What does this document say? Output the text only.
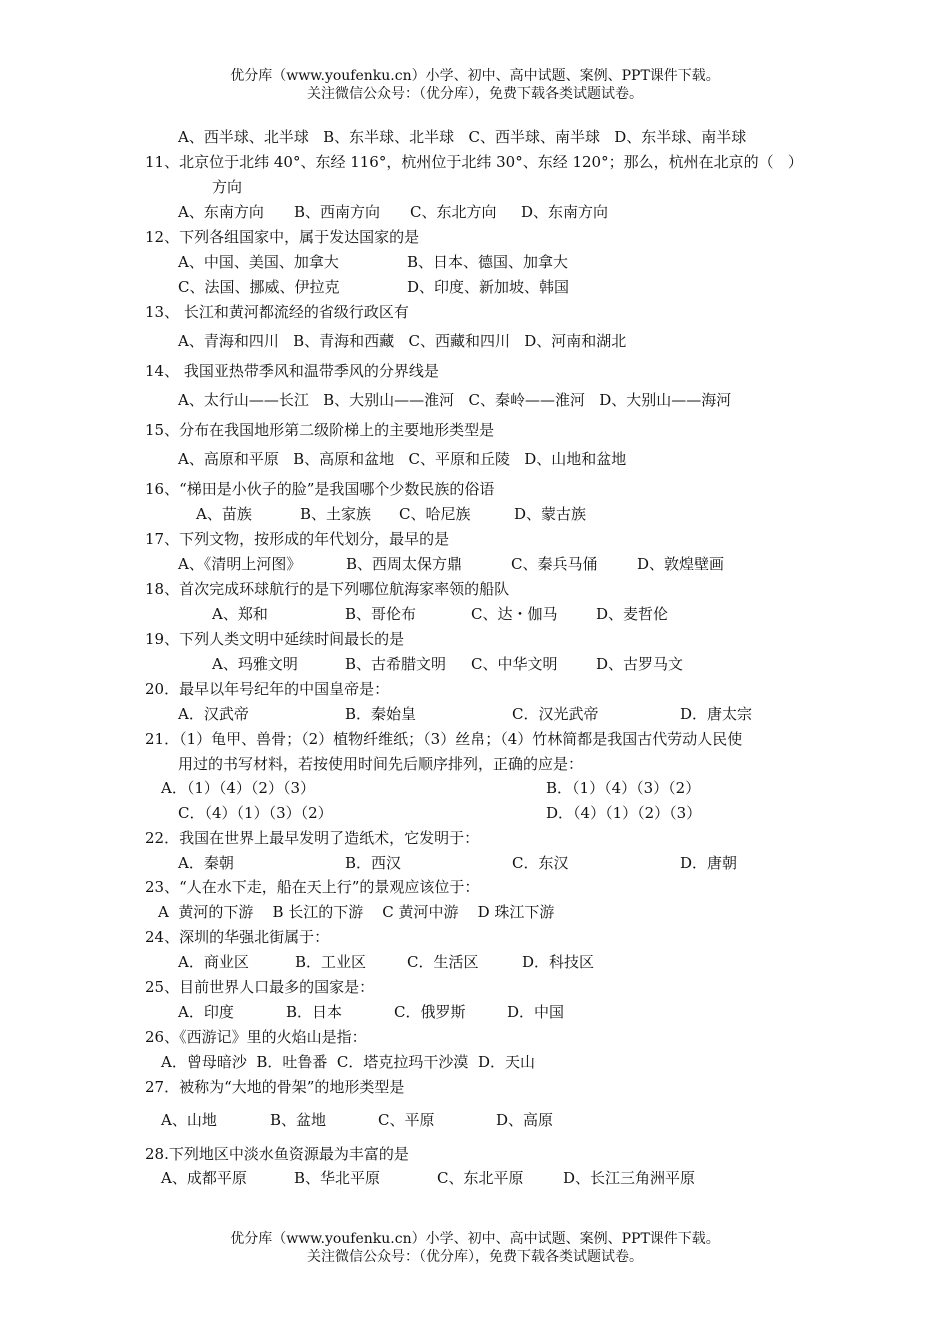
优分库（www.youfenku.cn）小学、初中、高中试题、案例、PPT课件下载。
关注微信公众号：（优分库），免费下载各类试题试卷。
A、西半球、北半球   B、东半球、北半球   C、西半球、南半球   D、东半球、南半球
11、北京位于北纬 40°、东经 116°，杭州位于北纬 30°、东经 120°；那么，杭州在北京的（   ）
方向

A、东南方向

B、西南方向

C、东北方向

D、东南方向

12、下列各组国家中，属于发达国家的是

A、中国、美国、加拿大

	B、日本、德国、加拿大

C、法国、挪威、伊拉克

	D、印度、新加坡、韩国

13、 长江和黄河都流经的省级行政区有
A、青海和四川   B、青海和西藏   C、西藏和四川   D、河南和湖北
14、 我国亚热带季风和温带季风的分界线是
A、太行山——长江   B、大别山——淮河   C、秦岭——淮河   D、大别山——海河
15、分布在我国地形第二级阶梯上的主要地形类型是
A、高原和平原   B、高原和盆地   C、平原和丘陵   D、山地和盆地
16、“梯田是小伙子的脸”是我国哪个少数民族的俗语

A、苗族

	B、土家族

C、哈尼族

	D、蒙古族

17、下列文物，按形成的年代划分，最早的是

A、《清明上河图》

	B、西周太保方鼎

	C、秦兵马俑

	D、敦煌壁画

18、首次完成环球航行的是下列哪位航海家率领的船队

A、郑和

	B、哥伦布

	C、达・伽马

	D、麦哲伦

19、下列人类文明中延续时间最长的是

A、玛雅文明

	B、古希腊文明

C、中华文明

	D、古罗马文

20．最早以年号纪年的中国皇帝是：

A．汉武帝

	B．秦始皇

	C．汉光武帝

	D．唐太宗

21．（1）龟甲、兽骨；（2）植物纤维纸；（3）丝帛；（4）竹林简都是我国古代劳动人民使
用过的书写材料，若按使用时间先后顺序排列，正确的应是：

A．（1）（4）（2）（3）

	B．（1）（4）（3）（2）

C．（4）（1）（3）（2）

	D．（4）（1）（2）（3）

22．我国在世界上最早发明了造纸术，它发明于：

A．秦朝

	B．西汉

	C．东汉

	D．唐朝

23、“人在水下走，船在天上行”的景观应该位于：
A  黄河的下游    B 长江的下游    C 黄河中游    D 珠江下游
24、深圳的华强北街属于：

A．商业区

	B．工业区

	C．生活区

	D．科技区

25、目前世界人口最多的国家是：

A．印度

	B．日本

	C．俄罗斯

	D．中国

26、《西游记》里的火焰山是指：
A．曾母暗沙  B．吐鲁番  C．塔克拉玛干沙漠  D．天山
27．被称为“大地的骨架”的地形类型是

A、山地

	B、盆地

	C、平原

	D、高原

28.下列地区中淡水鱼资源最为丰富的是

A、成都平原

	B、华北平原

	C、东北平原

	D、长江三角洲平原

优分库（www.youfenku.cn）小学、初中、高中试题、案例、PPT课件下载。
关注微信公众号：（优分库），免费下载各类试题试卷。
